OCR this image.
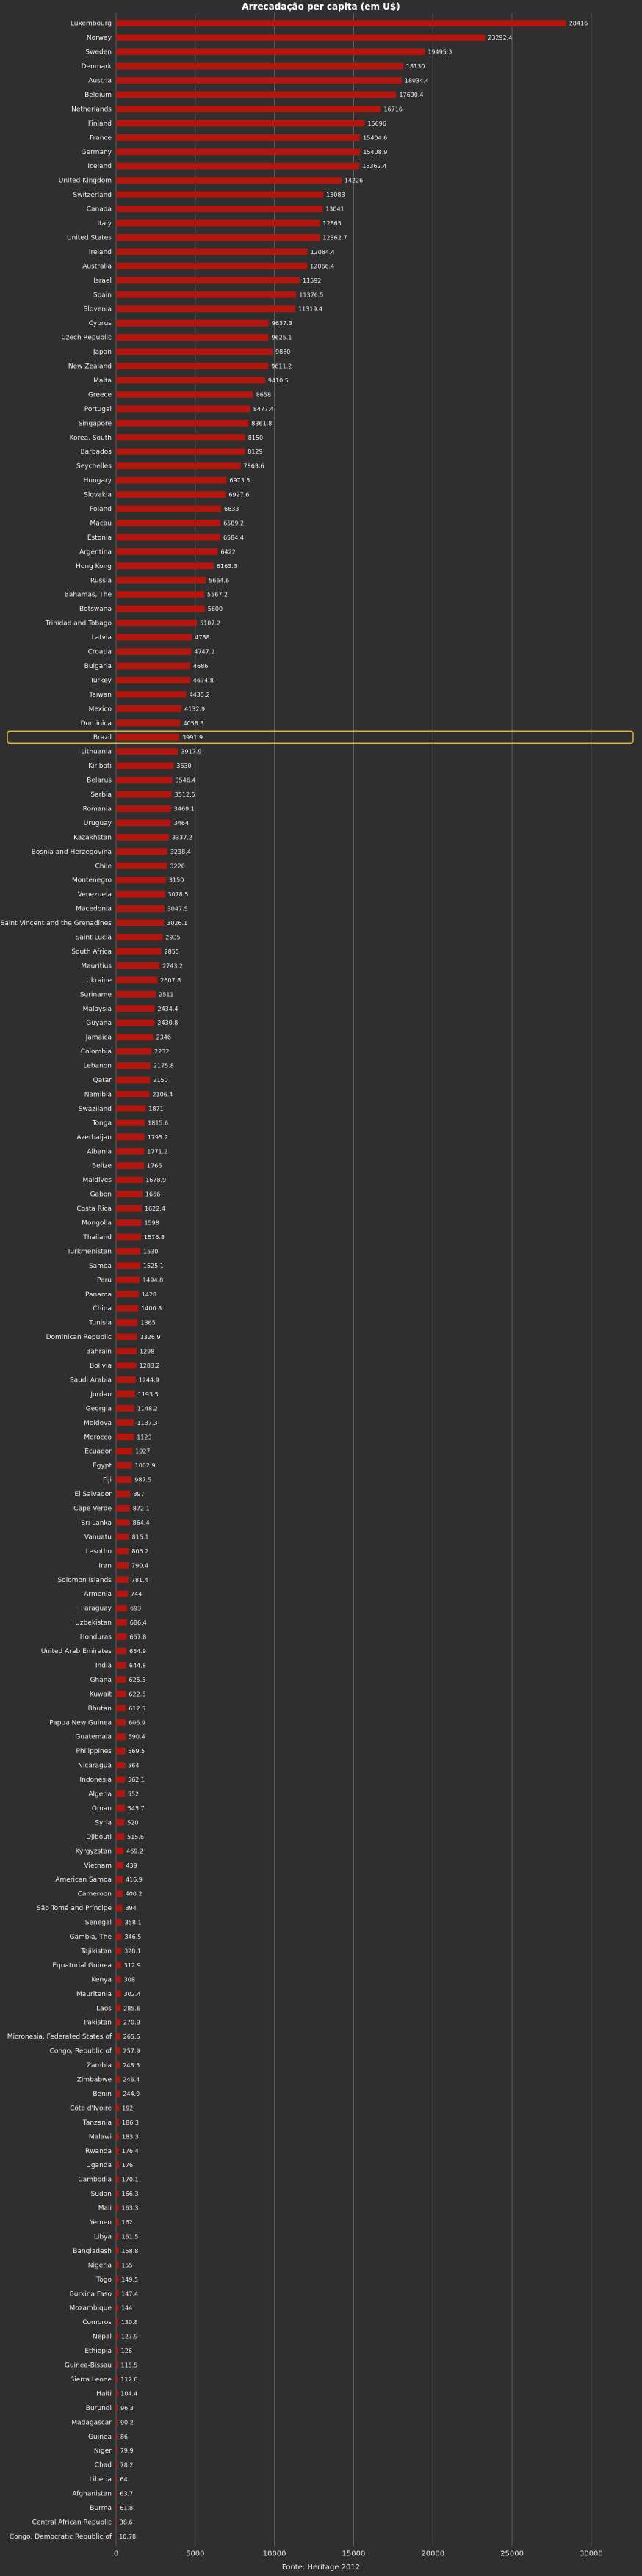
Arrecadação per capita (em U$)
Luxembourg	28416
Norway	23292.4
Sweden	19495.3
Denmark	18130
Austria	18034.4
Belgium	17690.4
Netherlands	16716
Finland	15696
France	15404.6
Germany	15408.9
Iceland	15362.4
United Kingdom	14226
Switzerland	13083
Canada	13041
Italy	12865
United States	12862.7
Ireland	12084.4
Australia	12066.4
Israel	11592
Spain	11376.5
Slovenia	11319.4
Cyprus	9637.3
Czech Republic	9625.1
Japan	9880
New Zealand	9611.2
Malta	9410.5
Greece	8658
Portugal	8477.4
Singapore	8361.8
Korea, South	8150
Barbados	8129
Seychelles	7863.6
Hungary	6973.5
Slovakia	6927.6
Poland	6633
Macau	6589.2
Estonia	6584.4
Argentina	6422
Hong Kong	6163.3
Russia	5664.6
Bahamas, The	5567.2
Botswana	5600
Trinidad and Tobago	5107.2
Latvia	4788
Croatia	4747.2
Bulgaria	4686
Turkey	4674.8
Taiwan	4435.2
Mexico	4132.9
Dominica	4058.3
Brazil	3991.9
Lithuania	3917.9
Kiribati	3630
Belarus	3546.4
Serbia	3512.5
Romania	3469.1
Uruguay	3464
Kazakhstan	3337.2
Bosnia and Herzegovina	3238.4
Chile	3220
Montenegro	3150
Venezuela	3078.5
Macedonia	3047.5
Saint Vincent and the Grenadines	3026.1
Saint Lucia	2935
South Africa	2855
Mauritius	2743.2
Ukraine	2607.8
Suriname	2511
Malaysia	2434.4
Guyana	2430.8
Jamaica	2346
Colombia	2232
Lebanon	2175.8
Qatar	2150
Namibia	2106.4
Swaziland	1871
Tonga	1815.6
Azerbaijan	1795.2
Albania	1771.2
Belize	1765
Maldives	1678.9
Gabon	1666
Costa Rica	1622.4
Mongolia	1598
Thailand	1576.8
Turkmenistan	1530
Samoa	1525.1
Peru	1494.8
Panama	1428
China	1400.8
Tunisia	1365
Dominican Republic	1326.9
Bahrain	1298
Bolivia	1283.2
Saudi Arabia	1244.9
Jordan	1193.5
Georgia	1148.2
Moldova	1137.3
Morocco	1123
Ecuador	1027
Egypt	1002.9
Fiji	987.5
El Salvador	897
Cape Verde	872.1
Sri Lanka	864.4
Vanuatu	815.1
Lesotho	805.2
Iran	790.4
Solomon Islands	781.4
Armenia	744
Paraguay	693
Uzbekistan	686.4
Honduras	667.8
United Arab Emirates	654.9
India	644.8
Ghana	625.5
Kuwait	622.6
Bhutan	612.5
Papua New Guinea	606.9
Guatemala	590.4
Philippines	569.5
Nicaragua	564
Indonesia	562.1
Algeria	552
Oman	545.7
Syria	520
Djibouti	515.6
Kyrgyzstan	469.2
Vietnam 439
American Samoa 416.9
Cameroon 400.2
São Tomé and Príncipe 394
Senegal 358.1
Gambia, The 346.5
Tajikistan 328.1
Equatorial Guinea 312.9
Kenya 308
Mauritania 302.4
Laos 285.6
Pakistan 270.9
Micronesia, Federated States of 265.5
Congo, Republic of 257.9
Zambia 248.5
Zimbabwe 246.4
Benin 244.9
Côte d'Ivoire 192
Tanzania 186.3
Malawi 183.3
Rwanda 176.4
Uganda 176
Cambodia 170.1
Sudan 166.3
Mali 163.3
Yemen 162
Libya 161.5
Bangladesh 158.8
Nigeria 155
Togo 149.5
Burkina Faso 147.4
Mozambique 144
Comoros 130.8
Nepal 127.9
Ethiopia 126
Guinea-Bissau 115.5
Sierra Leone 112.6
Haiti 104.4
Burundi 96.3
Madagascar 90.2
Guinea 86
Niger 79.9
Chad 78.2
Liberia 64
Afghanistan 63.7
Burma 61.8
Central African Republic 38.6
Congo, Democratic Republic of 10.78
0	5000	10000	15000	20000	25000	30000
Fonte: Heritage 2012
